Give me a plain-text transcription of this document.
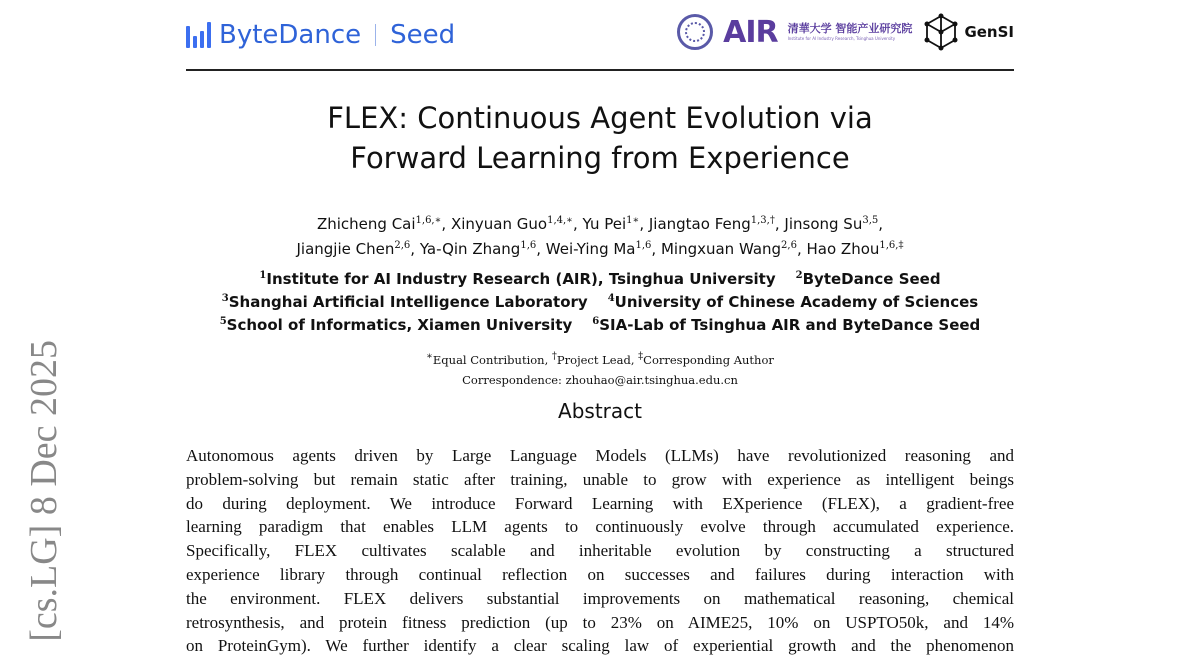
[cs.LG] 8 Dec 2025
ByteDance Seed	AIR 清華大学 智能产业研究院
Institute for AI Industry Research, Tsinghua University	GenSI
FLEX: Continuous Agent Evolution via
Forward Learning from Experience
Zhicheng Cai$^{1,6,∗}$, Xinyuan Guo$^{1,4,∗}$, Yu Pei$^{1∗}$, Jiangtao Feng$^{1,3,\dagger}$, Jinsong Su$^{3,5}$,
Jiangjie Chen$^{2,6}$, Ya-Qin Zhang$^{1,6}$, Wei-Ying Ma$^{1,6}$, Mingxuan Wang$^{2,6}$, Hao Zhou$^{1,6,\ddagger}$
$^1$Institute for AI Industry Research (AIR), Tsinghua University $^2$ByteDance Seed
$^3$Shanghai Artificial Intelligence Laboratory $^4$University of Chinese Academy of Sciences
$^5$School of Informatics, Xiamen University $^6$SIA-Lab of Tsinghua AIR and ByteDance Seed
∗Equal Contribution, †Project Lead, ‡Corresponding Author
Correspondence: zhouhao@air.tsinghua.edu.cn
Abstract
Autonomous agents driven by Large Language Models (LLMs) have revolutionized reasoning and
problem-solving but remain static after training, unable to grow with experience as intelligent beings
do during deployment. We introduce Forward Learning with EXperience (FLEX), a gradient-free
learning paradigm that enables LLM agents to continuously evolve through accumulated experience.
Specifically, FLEX cultivates scalable and inheritable evolution by constructing a structured
experience library through continual reflection on successes and failures during interaction with
the environment. FLEX delivers substantial improvements on mathematical reasoning, chemical
retrosynthesis, and protein fitness prediction (up to 23% on AIME25, 10% on USPTO50k, and 14%
on ProteinGym). We further identify a clear scaling law of experiential growth and the phenomenon
